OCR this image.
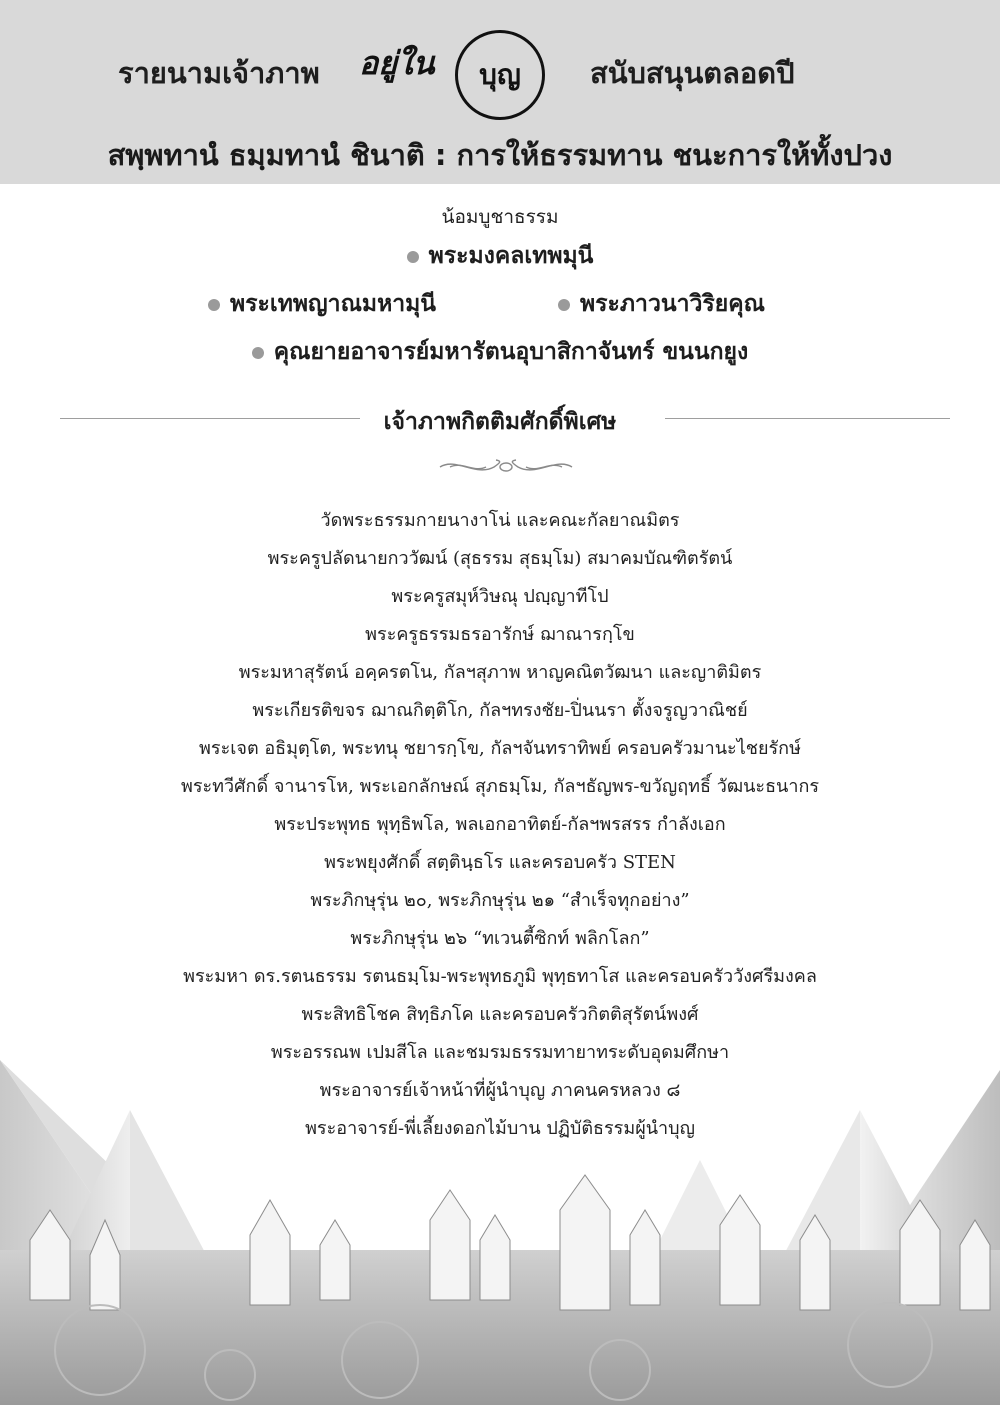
รายนามเจ้าภาพ อยู่ใน	บุญ	สนับสนุนตลอดปี
สพฺพทานํ ธมฺมทานํ ชินาติ : การให้ธรรมทาน ชนะการให้ทั้งปวง
น้อมบูชาธรรม
พระมงคลเทพมุนี
พระเทพญาณมหามุนี	พระภาวนาวิริยคุณ
คุณยายอาจารย์มหารัตนอุบาสิกาจันทร์ ขนนกยูง
เจ้าภาพกิตติมศักดิ์พิเศษ
วัดพระธรรมกายนางาโน่ และคณะกัลยาณมิตร
พระครูปลัดนายกววัฒน์ (สุธรรม สุธมฺโม) สมาคมบัณฑิตรัตน์
พระครูสมุห์วิษณุ ปญฺญาทีโป
พระครูธรรมธรอารักษ์ ฌาณารกฺโข
พระมหาสุรัตน์ อคฺครตโน, กัลฯสุภาพ หาญคณิตวัฒนา และญาติมิตร
พระเกียรติขจร ฌาณกิตฺติโก, กัลฯทรงชัย-ปิ่นนรา ตั้งจรูญวาณิชย์
พระเจต อธิมุตฺโต, พระทนุ ชยารกฺโข, กัลฯจันทราทิพย์ ครอบครัวมานะไชยรักษ์
พระทวีศักดิ์ จานารโห, พระเอกลักษณ์ สุภธมฺโม, กัลฯธัญพร-ขวัญฤทธิ์ วัฒนะธนากร
พระประพุทธ พุทฺธิพโล, พลเอกอาทิตย์-กัลฯพรสรร กำลังเอก
พระพยุงศักดิ์ สตฺตินฺธโร และครอบครัว STEN
พระภิกษุรุ่น ๒๐, พระภิกษุรุ่น ๒๑ “สำเร็จทุกอย่าง”
พระภิกษุรุ่น ๒๖ “ทเวนตี้ซิกท์ พลิกโลก”
พระมหา ดร.รตนธรรม รตนธมฺโม-พระพุทธภูมิ พุทฺธทาโส และครอบครัววังศรีมงคล
พระสิทธิโชค สิทฺธิภโค และครอบครัวกิตติสุรัตน์พงศ์
พระอรรณพ เปมสีโล และชมรมธรรมทายาทระดับอุดมศึกษา
พระอาจารย์เจ้าหน้าที่ผู้นำบุญ ภาคนครหลวง ๘
พระอาจารย์-พี่เลี้ยงดอกไม้บาน ปฏิบัติธรรมผู้นำบุญ
